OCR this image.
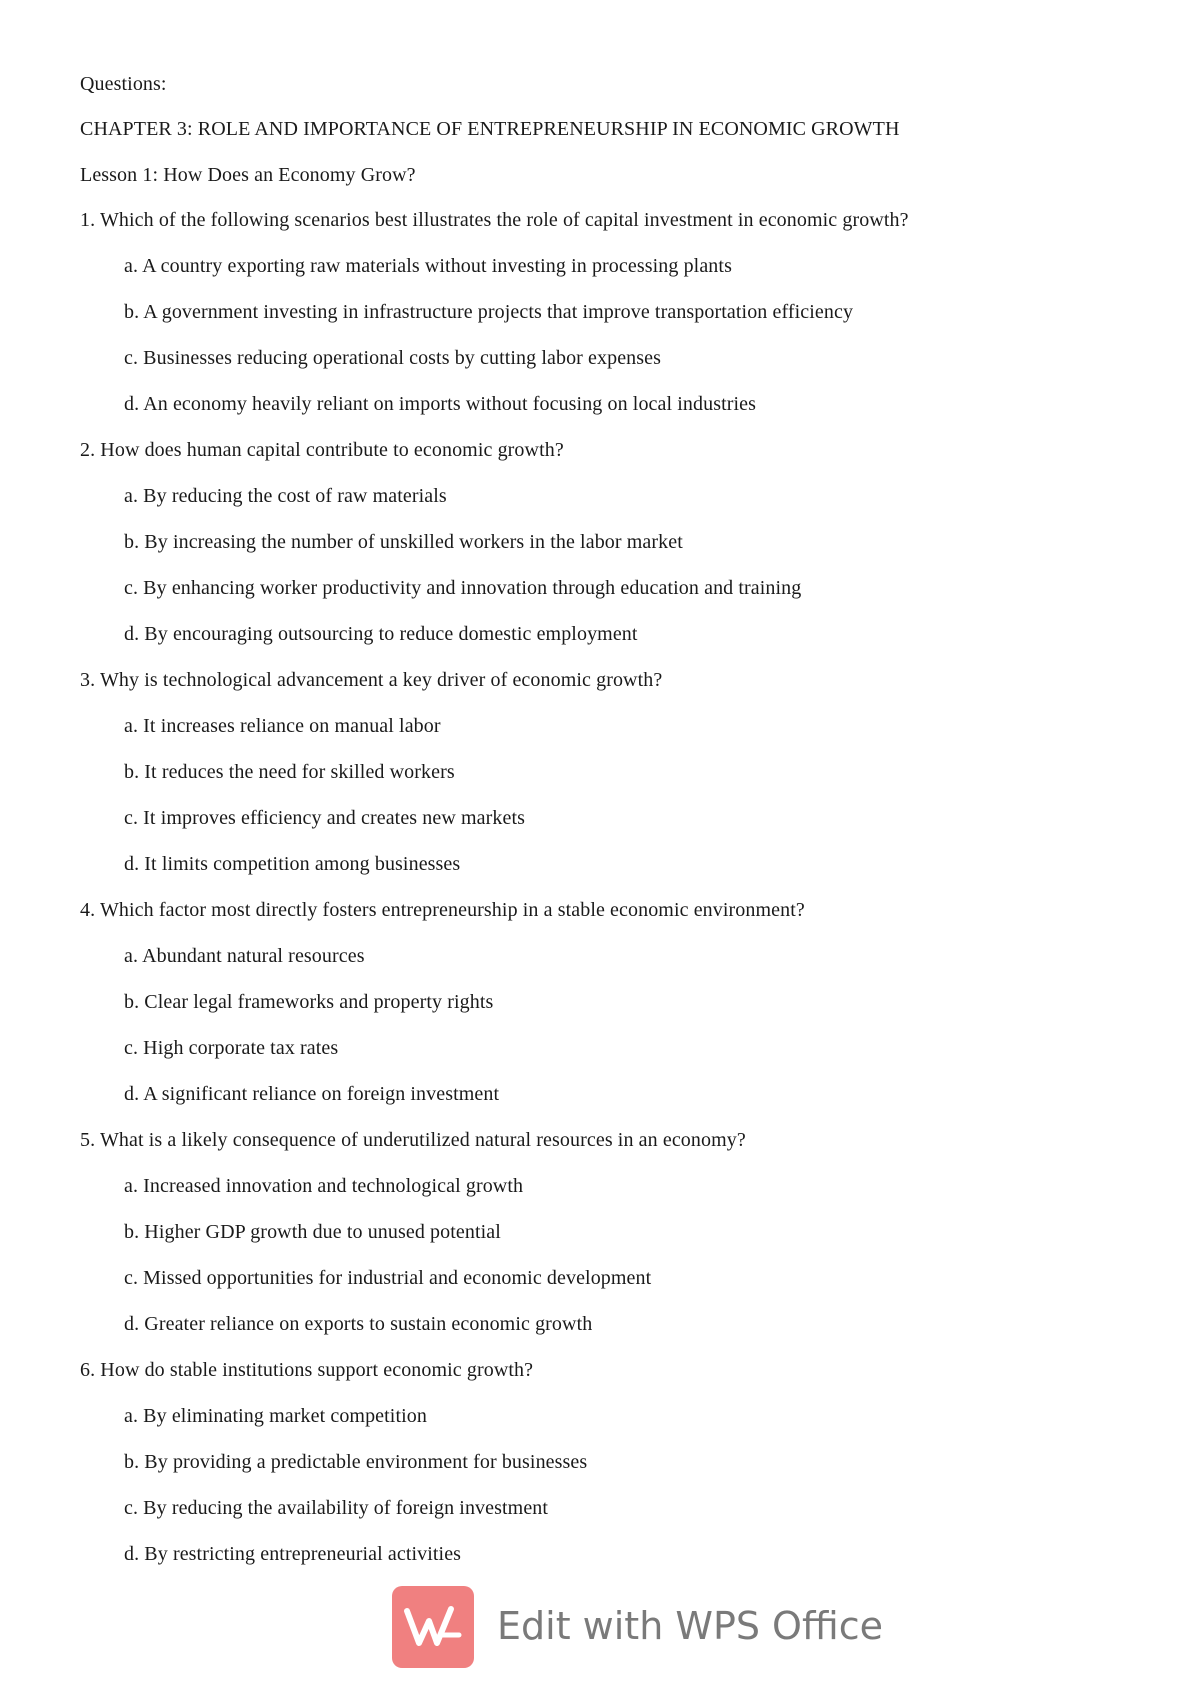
Questions:
CHAPTER 3: ROLE AND IMPORTANCE OF ENTREPRENEURSHIP IN ECONOMIC GROWTH
Lesson 1: How Does an Economy Grow?
1. Which of the following scenarios best illustrates the role of capital investment in economic growth?
a. A country exporting raw materials without investing in processing plants
b. A government investing in infrastructure projects that improve transportation efficiency
c. Businesses reducing operational costs by cutting labor expenses
d. An economy heavily reliant on imports without focusing on local industries
2. How does human capital contribute to economic growth?
a. By reducing the cost of raw materials
b. By increasing the number of unskilled workers in the labor market
c. By enhancing worker productivity and innovation through education and training
d. By encouraging outsourcing to reduce domestic employment
3. Why is technological advancement a key driver of economic growth?
a. It increases reliance on manual labor
b. It reduces the need for skilled workers
c. It improves efficiency and creates new markets
d. It limits competition among businesses
4. Which factor most directly fosters entrepreneurship in a stable economic environment?
a. Abundant natural resources
b. Clear legal frameworks and property rights
c. High corporate tax rates
d. A significant reliance on foreign investment
5. What is a likely consequence of underutilized natural resources in an economy?
a. Increased innovation and technological growth
b. Higher GDP growth due to unused potential
c. Missed opportunities for industrial and economic development
d. Greater reliance on exports to sustain economic growth
6. How do stable institutions support economic growth?
a. By eliminating market competition
b. By providing a predictable environment for businesses
c. By reducing the availability of foreign investment
d. By restricting entrepreneurial activities
Edit with WPS Office
